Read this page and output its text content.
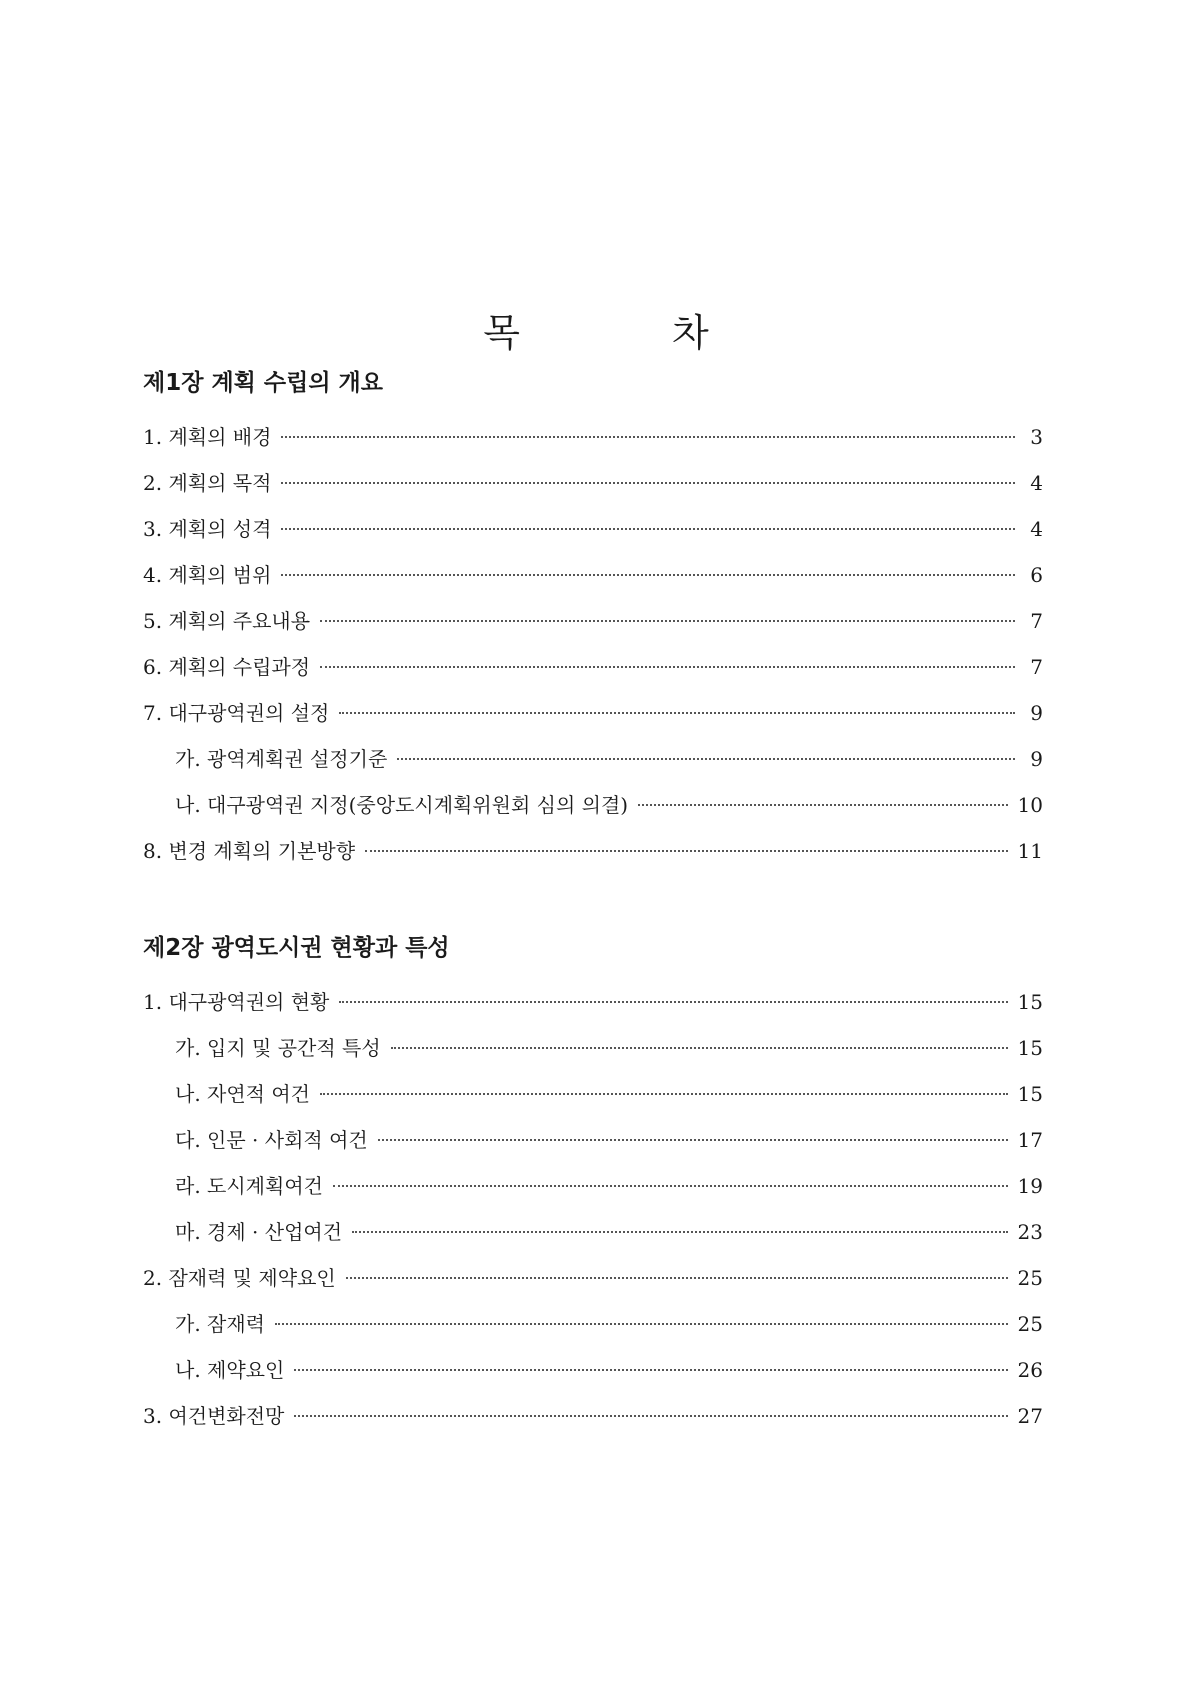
목 차
제1장 계획 수립의 개요
1. 계획의 배경	3
2. 계획의 목적	4
3. 계획의 성격	4
4. 계획의 범위	6
5. 계획의 주요내용	7
6. 계획의 수립과정	7
7. 대구광역권의 설정	9
가. 광역계획권 설정기준	9
나. 대구광역권 지정(중앙도시계획위원회 심의 의결)	10
8. 변경 계획의 기본방향	11
제2장 광역도시권 현황과 특성
1. 대구광역권의 현황	15
가. 입지 및 공간적 특성	15
나. 자연적 여건	15
다. 인문 · 사회적 여건	17
라. 도시계획여건	19
마. 경제 · 산업여건	23
2. 잠재력 및 제약요인	25
가. 잠재력	25
나. 제약요인	26
3. 여건변화전망	27
